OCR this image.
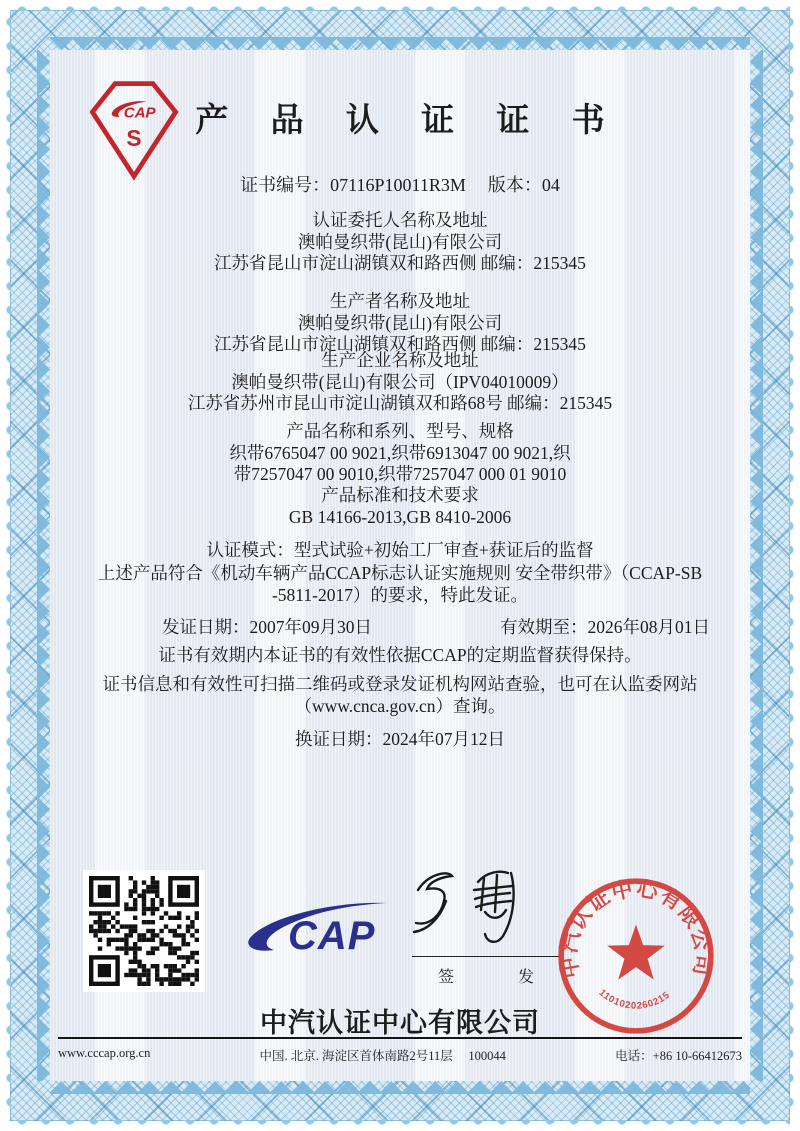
CAP
S	产 品 认 证 证 书
证书编号：07116P10011R3M 版本：04
认证委托人名称及地址
澳帕曼织带(昆山)有限公司
江苏省昆山市淀山湖镇双和路西侧 邮编：215345
生产者名称及地址
澳帕曼织带(昆山)有限公司
江苏省昆山市淀山湖镇双和路西侧 邮编：215345
生产企业名称及地址
澳帕曼织带(昆山)有限公司（IPV04010009）
江苏省苏州市昆山市淀山湖镇双和路68号 邮编：215345
产品名称和系列、型号、规格
织带6765047 00 9021,织带6913047 00 9021,织
带7257047 00 9010,织带7257047 000 01 9010
产品标准和技术要求
GB 14166-2013,GB 8410-2006
认证模式：型式试验+初始工厂审查+获证后的监督
上述产品符合《机动车辆产品CCAP标志认证实施规则 安全带织带》（CCAP-SB
-5811-2017）的要求，特此发证。
发证日期：2007年09月30日	有效期至：2026年08月01日
证书有效期内本证书的有效性依据CCAP的定期监督获得保持。
证书信息和有效性可扫描二维码或登录发证机构网站查验，也可在认监委网站
（www.cnca.gov.cn）查询。
换证日期：2024年07月12日
CAP
签 发
中汽认证中心有限公司
1101020260215
中汽认证中心有限公司
www.cccap.org.cn	中国. 北京. 海淀区首体南路2号11层　 100044	电话：+86 10-66412673
